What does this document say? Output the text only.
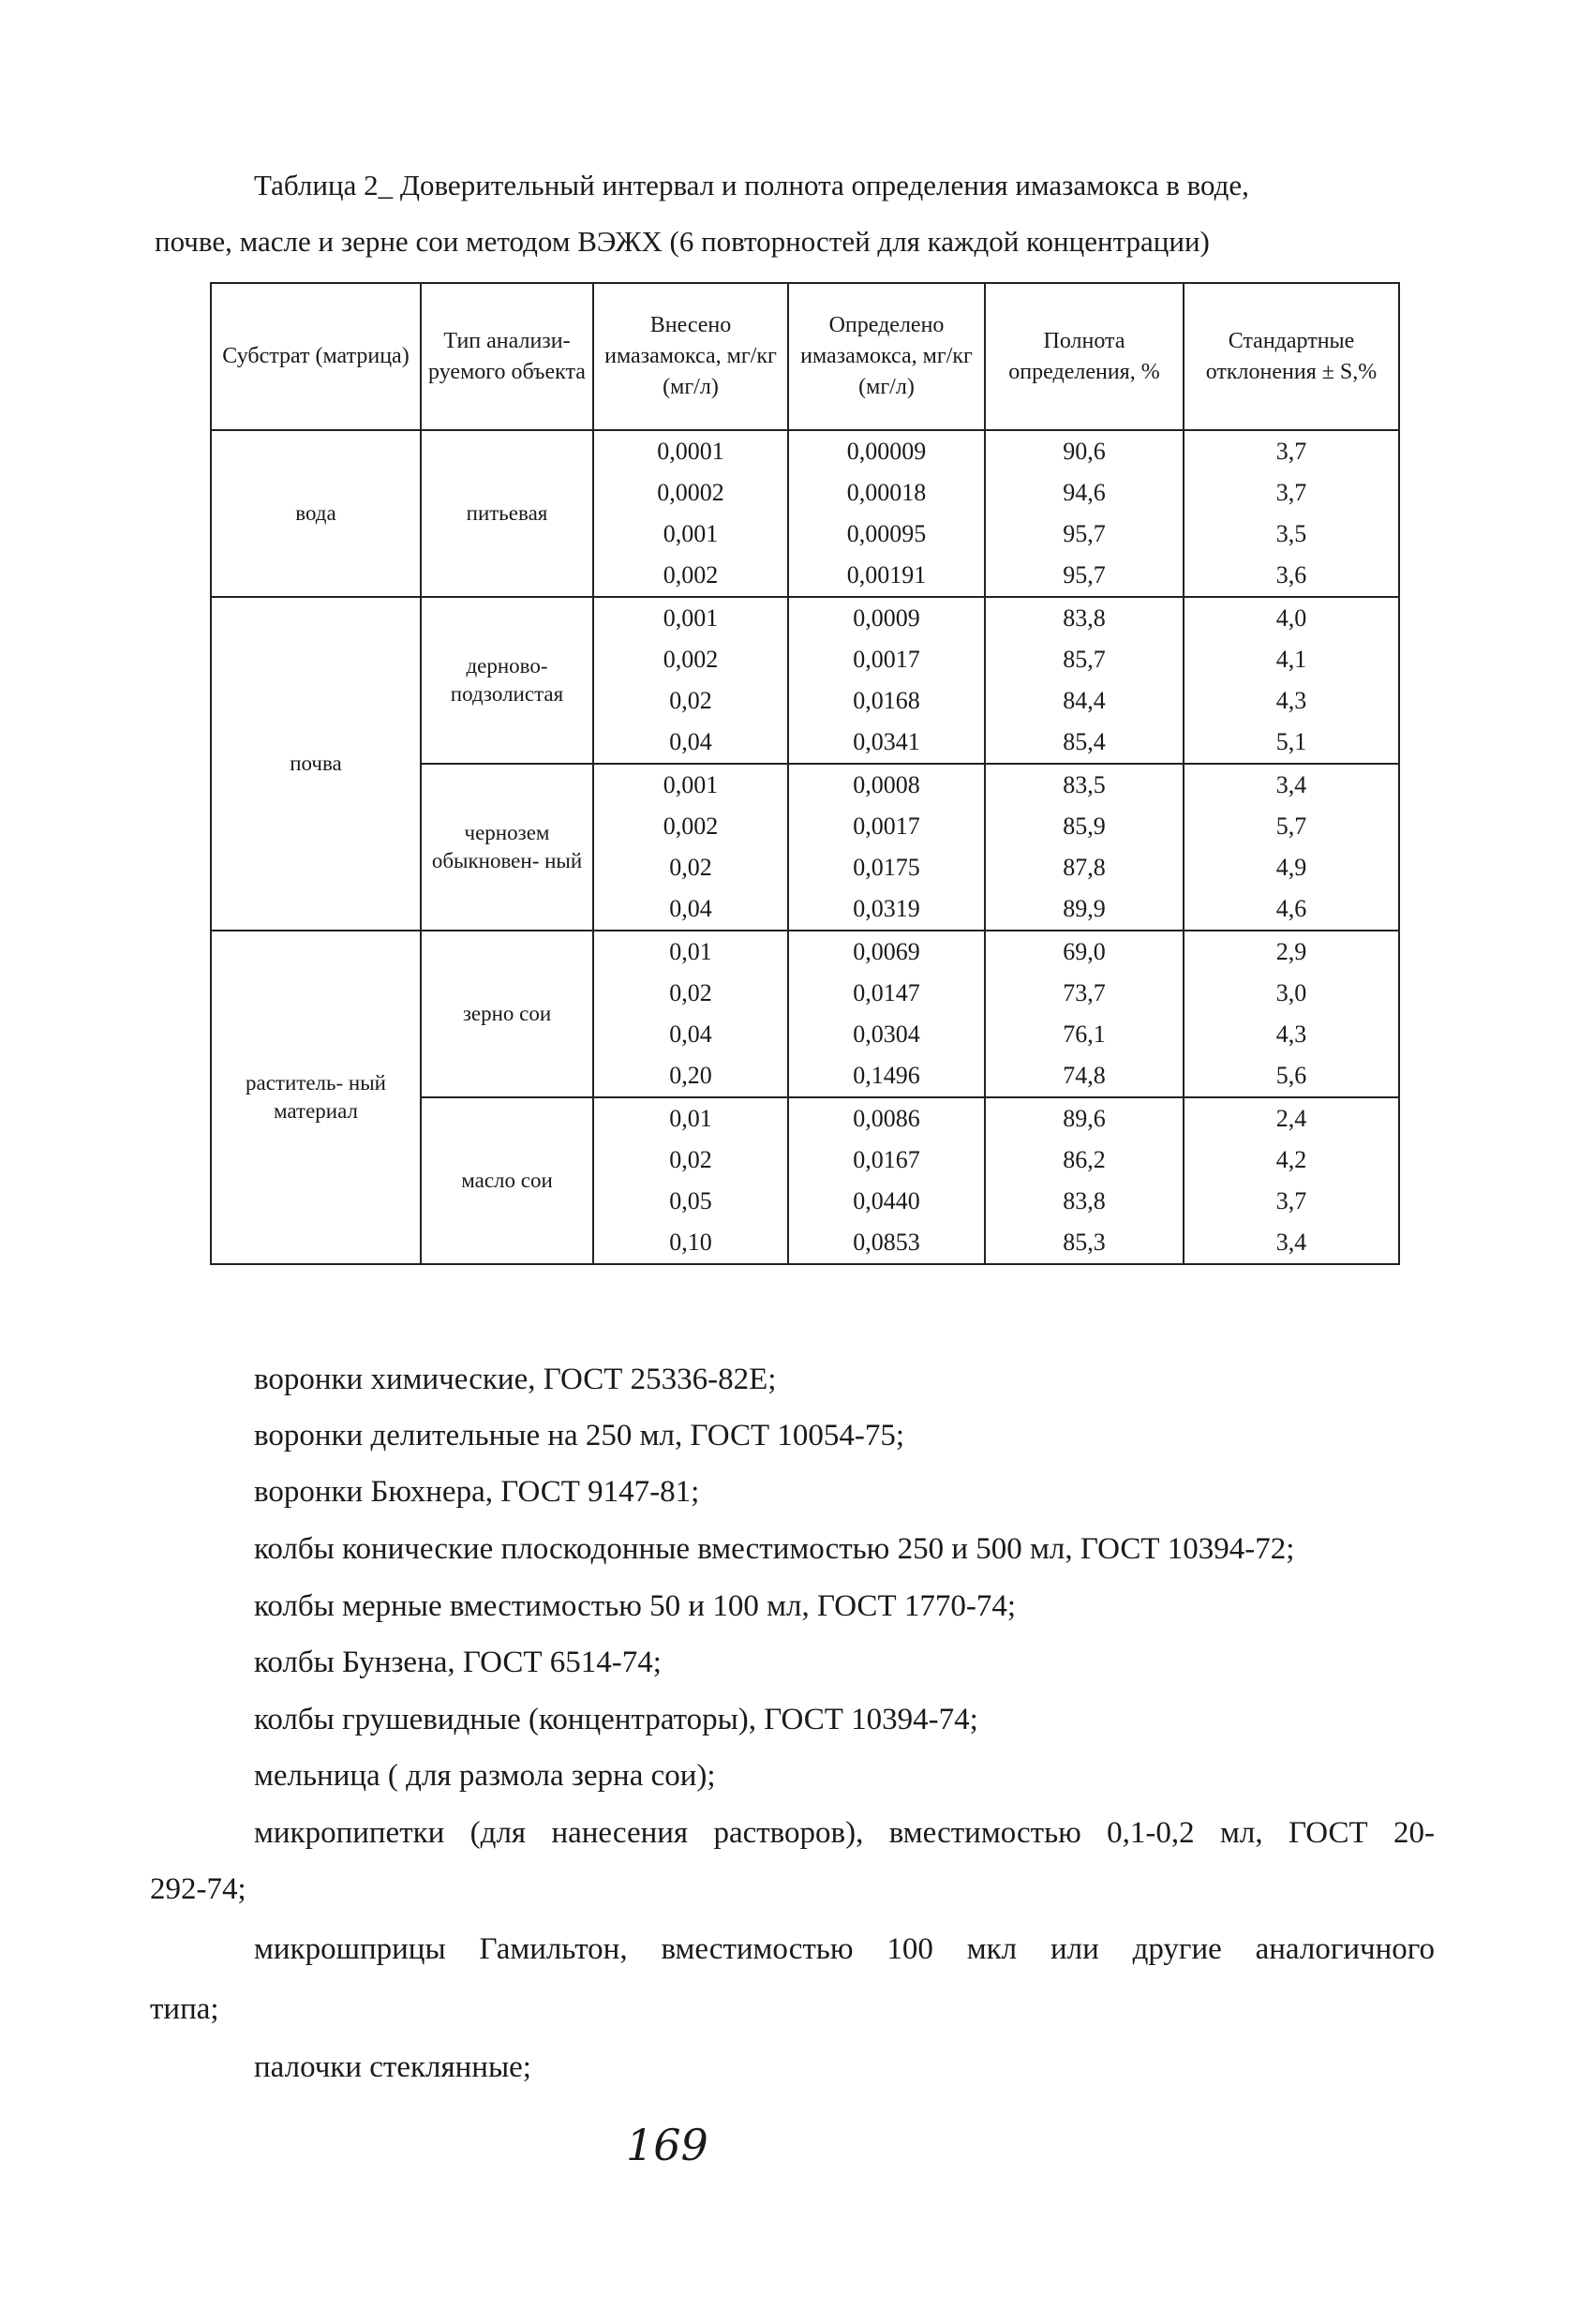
Таблица 2_ Доверительный интервал и полнота определения имазамокса в воде,
почве, масле и зерне сои методом ВЭЖХ (6 повторностей для каждой концентрации)
Субстрат (матрица)	Тип анализи- руемого объекта	Внесено имазамокса, мг/кг (мг/л)	Определено имазамокса, мг/кг (мг/л)	Полнота определения, %	Стандартные отклонения ± S,%
вода	питьевая	0,0001	0,00009	90,6	3,7
		0,0002	0,00018	94,6	3,7
		0,001	0,00095	95,7	3,5
		0,002	0,00191	95,7	3,6
почва	дерново- подзолистая	0,001	0,0009	83,8	4,0
		0,002	0,0017	85,7	4,1
		0,02	0,0168	84,4	4,3
		0,04	0,0341	85,4	5,1
	чернозем обыкновен- ный	0,001	0,0008	83,5	3,4
		0,002	0,0017	85,9	5,7
		0,02	0,0175	87,8	4,9
		0,04	0,0319	89,9	4,6
раститель- ный материал	зерно сои	0,01	0,0069	69,0	2,9
		0,02	0,0147	73,7	3,0
		0,04	0,0304	76,1	4,3
		0,20	0,1496	74,8	5,6
	масло сои	0,01	0,0086	89,6	2,4
		0,02	0,0167	86,2	4,2
		0,05	0,0440	83,8	3,7
		0,10	0,0853	85,3	3,4
воронки химические, ГОСТ 25336-82Е;
воронки делительные на 250 мл, ГОСТ 10054-75;
воронки Бюхнера, ГОСТ 9147-81;
колбы конические плоскодонные вместимостью 250 и 500 мл, ГОСТ 10394-72;
колбы мерные вместимостью 50 и 100 мл, ГОСТ 1770-74;
колбы Бунзена, ГОСТ 6514-74;
колбы грушевидные (концентраторы), ГОСТ 10394-74;
мельница ( для размола зерна сои);
микропипетки (для нанесения растворов), вместимостью 0,1-0,2 мл, ГОСТ 20-
292-74;
микрошприцы Гамильтон, вместимостью 100 мкл или другие аналогичного
типа;
палочки стеклянные;
169
